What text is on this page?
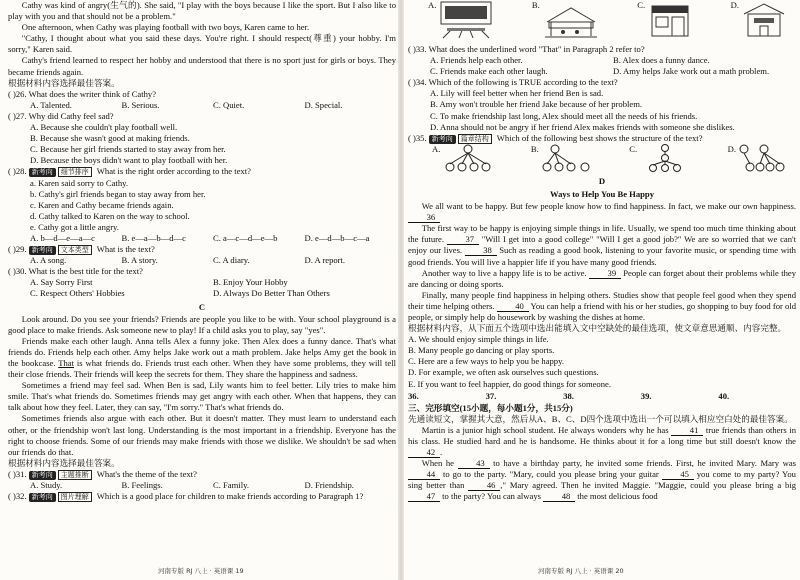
Cathy was kind of angry(生气的). She said, "I play with the boys because I like the sport. But I also like to play with you and that should not be a problem."

One afternoon, when Cathy was playing football with two boys, Karen came to her.

"Cathy, I thought about what you said these days. You're right. I should respect(尊重) your hobby. I'm sorry," Karen said.

Cathy's friend learned to respect her hobby and understood that there is no sport just for girls or boys. They became friends again.

根据材料内容选择最佳答案。

( )26. What does the writer think of Cathy?

A. Talented.	B. Serious.	C. Quiet.	D. Special.

( )27. Why did Cathy feel sad?

A. Because she couldn't play football well.
B. Because she wasn't good at making friends.
C. Because her girl friends started to stay away from her.
D. Because the boys didn't want to play football with her.

( )28. 新考向 细节排序 What is the right order according to the text?

a. Karen said sorry to Cathy.
b. Cathy's girl friends began to stay away from her.
c. Karen and Cathy became friends again.
d. Cathy talked to Karen on the way to school.
e. Cathy got a little angry.
A. b—d—e—a—c	B. e—a—b—d—c	C. a—c—d—e—b	D. e—d—b—c—a

( )29. 新考向 文本类型 What is the text?

A. A song.	B. A story.	C. A diary.	D. A report.

( )30. What is the best title for the text?

A. Say Sorry First	B. Enjoy Your Hobby
C. Respect Others' Hobbies	D. Always Do Better Than Others
C

Look around. Do you see your friends? Friends are people you like to be with. Your school playground is a good place to make friends. Ask someone new to play! If a child asks you to play, say "yes".

Friends make each other laugh. Anna tells Alex a funny joke. Then Alex does a funny dance. That's what friends do. Friends help each other. Amy helps Jake work out a math problem. Jake helps Amy get the book in the bookcase. That is what friends do. Friends trust each other. When they have some problems, they will tell their close friends. Their friends will keep the secrets for them. They share the happiness and sadness.

Sometimes a friend may feel sad. When Ben is sad, Lily wants him to feel better. Lily tries to make him smile. That's what friends do. Sometimes friends may get angry with each other. When that happens, they can talk about how they feel. Later, they can say, "I'm sorry." That's what friends do.

Sometimes friends also argue with each other. But it doesn't matter. They must learn to understand each other, or the friendship won't last long. Understanding is the most important in a friendship. Everyone has the right to choose friends. Some of our friends may make friends with those we dislike. We shouldn't be sad when our friends do that.

根据材料内容选择最佳答案。

( )31. 新考向 主题推断 What's the theme of the text?

A. Study.	B. Feelings.	C. Family.	D. Friendship.

( )32. 新考向 图片理解 Which is a good place for children to make friends according to Paragraph 1?

河南专版 RJ 八上 · 英语课 19
A.	B.	C.	D.

( )33. What does the underlined word "That" in Paragraph 2 refer to?

A. Friends help each other.	B. Alex does a funny dance.
C. Friends make each other laugh.	D. Amy helps Jake work out a math problem.

( )34. Which of the following is TRUE according to the text?

A. Lily will feel better when her friend Ben is sad.
B. Amy won't trouble her friend Jake because of her problem.
C. To make friendship last long, Alex should meet all the needs of his friends.
D. Anna should not be angry if her friend Alex makes friends with someone she dislikes.

( )35. 新考向 篇章结构 Which of the following best shows the structure of the text?

A.	B.	C.	D.
D
Ways to Help You Be Happy

We all want to be happy. But few people know how to find happiness. In fact, we make our own happiness. 36

The first way to be happy is enjoying simple things in life. Usually, we spend too much time thinking about the future. 37 "Will I get into a good college" "Will I get a good job?" We are so worried that we can't enjoy our lives. 38 Such as reading a good book, listening to your favorite music, or spending time with good friends. You will live a happier life if you have many good friends.

Another way to live a happy life is to be active. 39 People can forget about their problems while they are dancing or doing sports.

Finally, many people find happiness in helping others. Studies show that people feel good when they spend their time helping others. 40 You can help a friend with his or her studies, go shopping to buy food for old people, or simply help do housework by washing the dishes at home.

根据材料内容，从下面五个选项中选出能填入文中空缺处的最佳选项，使文章意思通顺、内容完整。

A. We should enjoy simple things in life.
B. Many people go dancing or play sports.
C. Here are a few ways to help you be happy.
D. For example, we often ask ourselves such questions.
E. If you want to feel happier, do good things for someone.
36.	37.	38.	39.	40.

三、完形填空(15小题，每小题1分，共15分)

先通读短文，掌握其大意，然后从A、B、C、D四个选项中选出一个可以填入相应空白处的最佳答案。

Martin is a junior high school student. He always wonders why he has 41 true friends than others in his class. He studied hard and he is handsome. He thinks about it for a long time but still doesn't know the 42 .

When he	43 to have a birthday party, he invited some friends. First, he invited Mary. Mary was 44 to go to the party. "Mary, could you please bring your guitar	45 you come to my party? You sing better than	46 ," Mary agreed. Then he invited Maggie. "Maggie, could you please bring a big 47 to the party? You can always 48 the most delicious food

河南专版 RJ 八上 · 英语课 20
